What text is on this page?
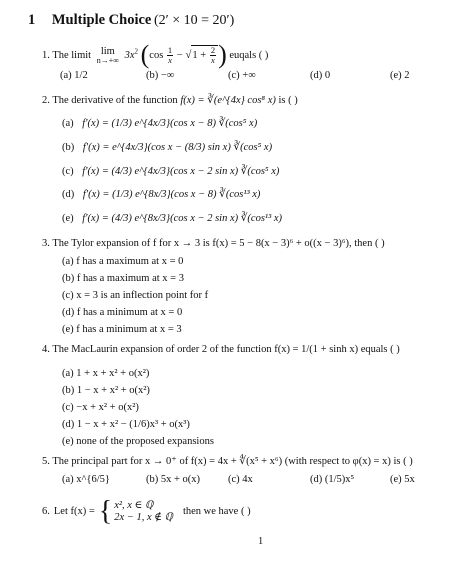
1 Multiple Choice (2′ × 10 = 20′)
1. The limit lim
n→+∞ $3x^2$ ($\cos \frac{1}{x} - √1 + \frac{2}{x}$ ) euqals ( )
(a) 1/2	(b) −∞	(c) +∞	(d) 0	(e) 2
2. The derivative of the function f(x) = ∛(e^{4x} cos⁸ x) is ( )
(a) f′(x) = (1/3) e^{4x/3}(cos x − 8) ∛(cos⁵ x)
(b) f′(x) = e^{4x/3}(cos x − (8/3) sin x) ∛(cos⁵ x)
(c) f′(x) = (4/3) e^{4x/3}(cos x − 2 sin x) ∛(cos⁵ x)
(d) f′(x) = (1/3) e^{8x/3}(cos x − 8) ∛(cos¹³ x)
(e) f′(x) = (4/3) e^{8x/3}(cos x − 2 sin x) ∛(cos¹³ x)
3. The Tylor expansion of f for x → 3 is f(x) = 5 − 8(x − 3)⁶ + o((x − 3)⁶), then ( )
(a) f has a maximum at x = 0
(b) f has a maximum at x = 3
(c) x = 3 is an inflection point for f
(d) f has a minimum at x = 0
(e) f has a minimum at x = 3
4. The MacLaurin expansion of order 2 of the function f(x) = 1/(1 + sinh x) equals ( )
(a) 1 + x + x² + o(x²)
(b) 1 − x + x² + o(x²)
(c) −x + x² + o(x²)
(d) 1 − x + x² − (1/6)x³ + o(x³)
(e) none of the proposed expansions
5. The principal part for x → 0⁺ of f(x) = 4x + ∜(x⁵ + x⁶) (with respect to φ(x) = x) is ( )
(a) x^{6/5}	(b) 5x + o(x)	(c) 4x	(d) (1/5)x⁵	(e) 5x
6. Let f(x) = { x², x ∈ ℚ
2x − 1, x ∉ ℚ
then we have ( )
1
